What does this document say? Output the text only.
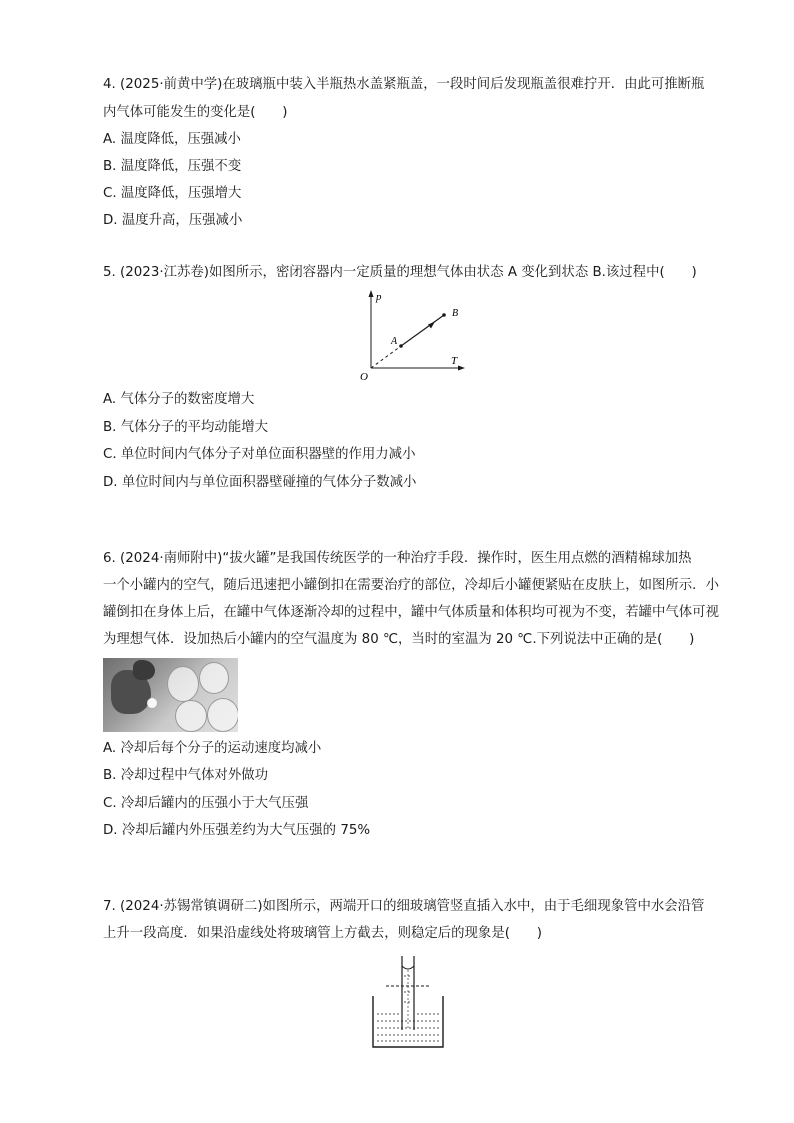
4. (2025·前黄中学)在玻璃瓶中装入半瓶热水盖紧瓶盖，一段时间后发现瓶盖很难拧开．由此可推断瓶
内气体可能发生的变化是(　　)
A. 温度降低，压强减小
B. 温度降低，压强不变
C. 温度降低，压强增大
D. 温度升高，压强减小
5. (2023·江苏卷)如图所示，密闭容器内一定质量的理想气体由状态 A 变化到状态 B.该过程中(　　)
p
T
O
A
B
A. 气体分子的数密度增大
B. 气体分子的平均动能增大
C. 单位时间内气体分子对单位面积器壁的作用力减小
D. 单位时间内与单位面积器壁碰撞的气体分子数减小
6. (2024·南师附中)“拔火罐”是我国传统医学的一种治疗手段．操作时，医生用点燃的酒精棉球加热
一个小罐内的空气，随后迅速把小罐倒扣在需要治疗的部位，冷却后小罐便紧贴在皮肤上，如图所示．小
罐倒扣在身体上后，在罐中气体逐渐冷却的过程中，罐中气体质量和体积均可视为不变，若罐中气体可视
为理想气体．设加热后小罐内的空气温度为 80 ℃，当时的室温为 20 ℃.下列说法中正确的是(　　)
A. 冷却后每个分子的运动速度均减小
B. 冷却过程中气体对外做功
C. 冷却后罐内的压强小于大气压强
D. 冷却后罐内外压强差约为大气压强的 75%
7. (2024·苏锡常镇调研二)如图所示，两端开口的细玻璃管竖直插入水中，由于毛细现象管中水会沿管
上升一段高度．如果沿虚线处将玻璃管上方截去，则稳定后的现象是(　　)
